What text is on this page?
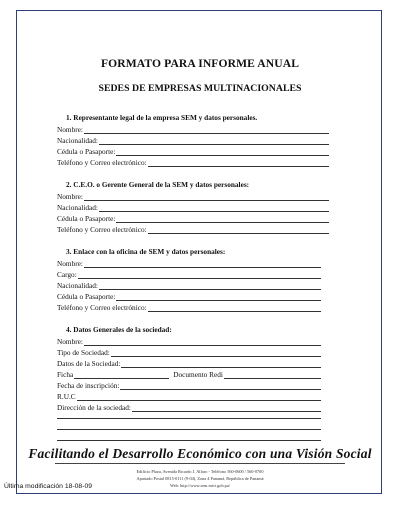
FORMATO PARA INFORME ANUAL
SEDES DE EMPRESAS MULTINACIONALES
1. Representante legal de la empresa SEM y datos personales.
Nombre:
Nacionalidad:
Cédula o Pasaporte:
Teléfono y Correo electrónico:
2. C.E.O. o Gerente General de la SEM y datos personales:
Nombre:
Nacionalidad:
Cédula o Pasaporte:
Teléfono y Correo electrónico:
3. Enlace con la oficina de SEM y datos personales:
Nombre:
Cargo:
Nacionalidad:
Cédula o Pasaporte:
Teléfono y Correo electrónico:
4. Datos Generales de la sociedad:
Nombre:
Tipo de Sociedad:
Datos de la Sociedad:
Ficha	Documento Redi
Fecha de inscripción:
R.U.C
Dirección de la sociedad:
Facilitando el Desarrollo Económico con una Visión Social
Edificio Plaza, Avenida Ricardo J. Alfaro - Teléfono 560-0600 / 560-0700
Apartado Postal 0815-0111 (9-04), Zona 4 Panamá, República de Panamá
Web: http://www.sem.mici.gob.pa/
Última modificación 18-08-09
